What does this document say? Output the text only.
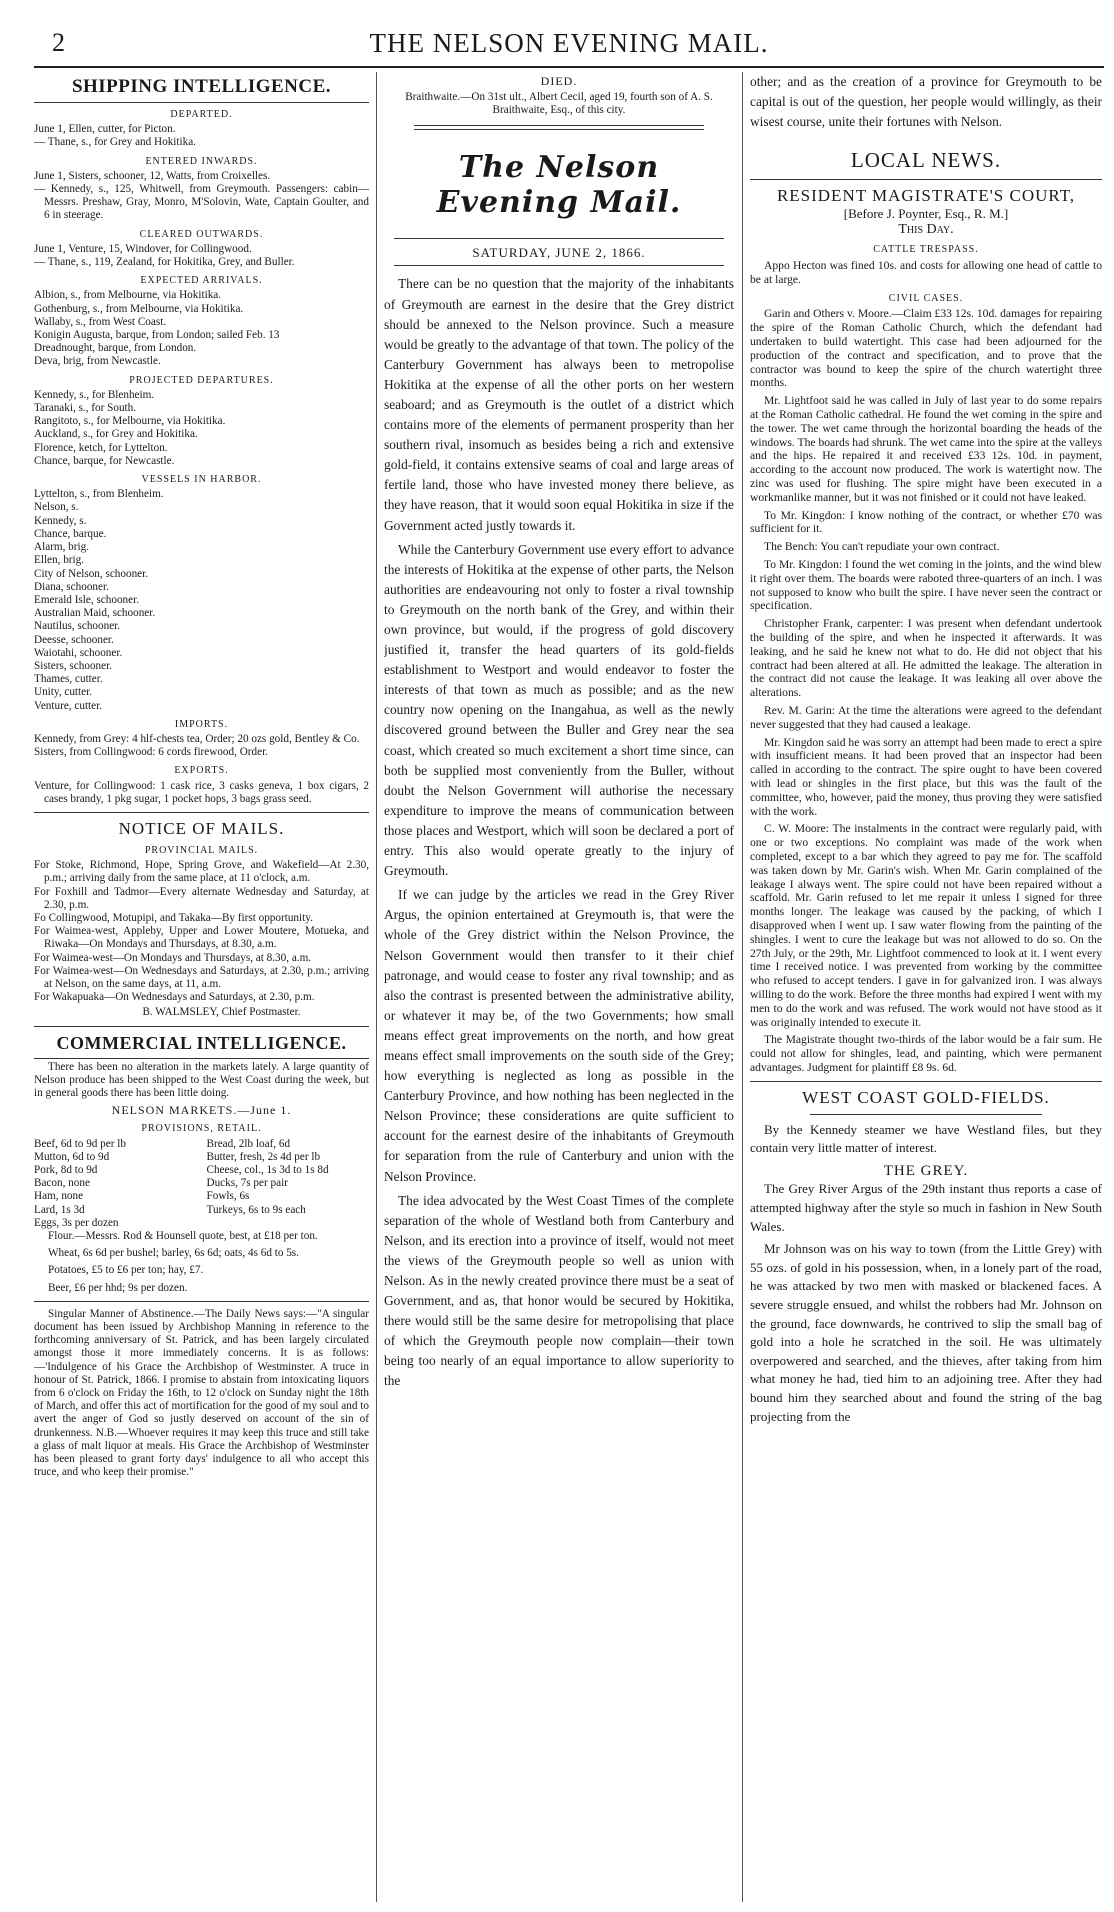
2	THE NELSON EVENING MAIL.
SHIPPING INTELLIGENCE.
DEPARTED.

June 1, Ellen, cutter, for Picton.

— Thane, s., for Grey and Hokitika.

ENTERED INWARDS.

June 1, Sisters, schooner, 12, Watts, from Croixelles.

— Kennedy, s., 125, Whitwell, from Greymouth. Passengers: cabin—Messrs. Preshaw, Gray, Monro, M'Solovin, Wate, Captain Goulter, and 6 in steerage.

CLEARED OUTWARDS.

June 1, Venture, 15, Windover, for Collingwood.

— Thane, s., 119, Zealand, for Hokitika, Grey, and Buller.

EXPECTED ARRIVALS.

Albion, s., from Melbourne, via Hokitika.

Gothenburg, s., from Melbourne, via Hokitika.

Wallaby, s., from West Coast.

Konigin Augusta, barque, from London; sailed Feb. 13

Dreadnought, barque, from London.

Deva, brig, from Newcastle.

PROJECTED DEPARTURES.

Kennedy, s., for Blenheim.

Taranaki, s., for South.

Rangitoto, s., for Melbourne, via Hokitika.

Auckland, s., for Grey and Hokitika.

Florence, ketch, for Lyttelton.

Chance, barque, for Newcastle.

VESSELS IN HARBOR.

Lyttelton, s., from Blenheim.

Nelson, s.

Kennedy, s.

Chance, barque.

Alarm, brig.

Ellen, brig.

City of Nelson, schooner.

Diana, schooner.

Emerald Isle, schooner.

Australian Maid, schooner.

Nautilus, schooner.

Deesse, schooner.

Waiotahi, schooner.

Sisters, schooner.

Thames, cutter.

Unity, cutter.

Venture, cutter.

IMPORTS.

Kennedy, from Grey: 4 hlf-chests tea, Order; 20 ozs gold, Bentley & Co.

Sisters, from Collingwood: 6 cords firewood, Order.

EXPORTS.

Venture, for Collingwood: 1 cask rice, 3 casks geneva, 1 box cigars, 2 cases brandy, 1 pkg sugar, 1 pocket hops, 3 bags grass seed.

NOTICE OF MAILS.
PROVINCIAL MAILS.

For Stoke, Richmond, Hope, Spring Grove, and Wakefield—At 2.30, p.m.; arriving daily from the same place, at 11 o'clock, a.m.

For Foxhill and Tadmor—Every alternate Wednesday and Saturday, at 2.30, p.m.

Fo Collingwood, Motupipi, and Takaka—By first opportunity.

For Waimea-west, Appleby, Upper and Lower Moutere, Motueka, and Riwaka—On Mondays and Thursdays, at 8.30, a.m.

For Waimea-west—On Mondays and Thursdays, at 8.30, a.m.

For Waimea-west—On Wednesdays and Saturdays, at 2.30, p.m.; arriving at Nelson, on the same days, at 11, a.m.

For Wakapuaka—On Wednesdays and Saturdays, at 2.30, p.m.

B. WALMSLEY, Chief Postmaster.

COMMERCIAL INTELLIGENCE.

There has been no alteration in the markets lately. A large quantity of Nelson produce has been shipped to the West Coast during the week, but in general goods there has been little doing.

NELSON MARKETS.—June 1.
PROVISIONS, RETAIL.

Beef, 6d to 9d per lb

Mutton, 6d to 9d

Pork, 8d to 9d

Bacon, none

Ham, none

Lard, 1s 3d

Eggs, 3s per dozen

Bread, 2lb loaf, 6d

Butter, fresh, 2s 4d per lb

Cheese, col., 1s 3d to 1s 8d

Ducks, 7s per pair

Fowls, 6s

Turkeys, 6s to 9s each

Flour.—Messrs. Rod & Hounsell quote, best, at £18 per ton.

Wheat, 6s 6d per bushel; barley, 6s 6d; oats, 4s 6d to 5s.

Potatoes, £5 to £6 per ton; hay, £7.

Beer, £6 per hhd; 9s per dozen.

Singular Manner of Abstinence.—The Daily News says:—"A singular document has been issued by Archbishop Manning in reference to the forthcoming anniversary of St. Patrick, and has been largely circulated amongst those it more immediately concerns. It is as follows:—'Indulgence of his Grace the Archbishop of Westminster. A truce in honour of St. Patrick, 1866. I promise to abstain from intoxicating liquors from 6 o'clock on Friday the 16th, to 12 o'clock on Sunday night the 18th of March, and offer this act of mortification for the good of my soul and to avert the anger of God so justly deserved on account of the sin of drunkenness. N.B.—Whoever requires it may keep this truce and still take a glass of malt liquor at meals. His Grace the Archbishop of Westminster has been pleased to grant forty days' indulgence to all who accept this truce, and who keep their promise."

DIED.

Braithwaite.—On 31st ult., Albert Cecil, aged 19, fourth son of A. S. Braithwaite, Esq., of this city.

The Nelson Evening Mail.
SATURDAY, JUNE 2, 1866.

There can be no question that the majority of the inhabitants of Greymouth are earnest in the desire that the Grey district should be annexed to the Nelson province. Such a measure would be greatly to the advantage of that town. The policy of the Canterbury Government has always been to metropolise Hokitika at the expense of all the other ports on her western seaboard; and as Greymouth is the outlet of a district which contains more of the elements of permanent prosperity than her southern rival, insomuch as besides being a rich and extensive gold-field, it contains extensive seams of coal and large areas of fertile land, those who have invested money there believe, as they have reason, that it would soon equal Hokitika in size if the Government acted justly towards it.

While the Canterbury Government use every effort to advance the interests of Hokitika at the expense of other parts, the Nelson authorities are endeavouring not only to foster a rival township to Greymouth on the north bank of the Grey, and within their own province, but would, if the progress of gold discovery justified it, transfer the head quarters of its gold-fields establishment to Westport and would endeavor to foster the interests of that town as much as possible; and as the new country now opening on the Inangahua, as well as the newly discovered ground between the Buller and Grey near the sea coast, which created so much excitement a short time since, can both be supplied most conveniently from the Buller, without doubt the Nelson Government will authorise the necessary expenditure to improve the means of communication between those places and Westport, which will soon be declared a port of entry. This also would operate greatly to the injury of Greymouth.

If we can judge by the articles we read in the Grey River Argus, the opinion entertained at Greymouth is, that were the whole of the Grey district within the Nelson Province, the Nelson Government would then transfer to it their chief patronage, and would cease to foster any rival township; and as also the contrast is presented between the administrative ability, or whatever it may be, of the two Governments; how small means effect great improvements on the north, and how great means effect small improvements on the south side of the Grey; how everything is neglected as long as possible in the Canterbury Province, and how nothing has been neglected in the Nelson Province; these considerations are quite sufficient to account for the earnest desire of the inhabitants of Greymouth for separation from the rule of Canterbury and union with the Nelson Province.

The idea advocated by the West Coast Times of the complete separation of the whole of Westland both from Canterbury and Nelson, and its erection into a province of itself, would not meet the views of the Greymouth people so well as union with Nelson. As in the newly created province there must be a seat of Government, and as, that honor would be secured by Hokitika, there would still be the same desire for metropolising that place of which the Greymouth people now complain—their town being too nearly of an equal importance to allow superiority to the

other; and as the creation of a province for Greymouth to be capital is out of the question, her people would willingly, as their wisest course, unite their fortunes with Nelson.

LOCAL NEWS.
RESIDENT MAGISTRATE'S COURT,
[Before J. Poynter, Esq., R. M.]
This Day.
CATTLE TRESPASS.

Appo Hecton was fined 10s. and costs for allowing one head of cattle to be at large.

CIVIL CASES.

Garin and Others v. Moore.—Claim £33 12s. 10d. damages for repairing the spire of the Roman Catholic Church, which the defendant had undertaken to build watertight. This case had been adjourned for the production of the contract and specification, and to prove that the contractor was bound to keep the spire of the church watertight three months.

Mr. Lightfoot said he was called in July of last year to do some repairs at the Roman Catholic cathedral. He found the wet coming in the spire and the tower. The wet came through the horizontal boarding the heads of the windows. The boards had shrunk. The wet came into the spire at the valleys and the hips. He repaired it and received £33 12s. 10d. in payment, according to the account now produced. The work is watertight now. The zinc was used for flushing. The spire might have been executed in a workmanlike manner, but it was not finished or it could not have leaked.

To Mr. Kingdon: I know nothing of the contract, or whether £70 was sufficient for it.

The Bench: You can't repudiate your own contract.

To Mr. Kingdon: I found the wet coming in the joints, and the wind blew it right over them. The boards were raboted three-quarters of an inch. I was not supposed to know who built the spire. I have never seen the contract or specification.

Christopher Frank, carpenter: I was present when defendant undertook the building of the spire, and when he inspected it afterwards. It was leaking, and he said he knew not what to do. He did not object that his contract had been altered at all. He admitted the leakage. The alteration in the contract did not cause the leakage. It was leaking all over above the alterations.

Rev. M. Garin: At the time the alterations were agreed to the defendant never suggested that they had caused a leakage.

Mr. Kingdon said he was sorry an attempt had been made to erect a spire with insufficient means. It had been proved that an inspector had been called in according to the contract. The spire ought to have been covered with lead or shingles in the first place, but this was the fault of the committee, who, however, paid the money, thus proving they were satisfied with the work.

C. W. Moore: The instalments in the contract were regularly paid, with one or two exceptions. No complaint was made of the work when completed, except to a bar which they agreed to pay me for. The scaffold was taken down by Mr. Garin's wish. When Mr. Garin complained of the leakage I always went. The spire could not have been repaired without a scaffold. Mr. Garin refused to let me repair it unless I signed for three months longer. The leakage was caused by the packing, of which I disapproved when I went up. I saw water flowing from the painting of the shingles. I went to cure the leakage but was not allowed to do so. On the 27th July, or the 29th, Mr. Lightfoot commenced to look at it. I went every time I received notice. I was prevented from working by the committee who refused to accept tenders. I gave in for galvanized iron. I was always willing to do the work. Before the three months had expired I went with my men to do the work and was refused. The work would not have stood as it was originally intended to execute it.

The Magistrate thought two-thirds of the labor would be a fair sum. He could not allow for shingles, lead, and painting, which were permanent advantages. Judgment for plaintiff £8 9s. 6d.

WEST COAST GOLD-FIELDS.

By the Kennedy steamer we have Westland files, but they contain very little matter of interest.

THE GREY.

The Grey River Argus of the 29th instant thus reports a case of attempted highway after the style so much in fashion in New South Wales.

Mr Johnson was on his way to town (from the Little Grey) with 55 ozs. of gold in his possession, when, in a lonely part of the road, he was attacked by two men with masked or blackened faces. A severe struggle ensued, and whilst the robbers had Mr. Johnson on the ground, face downwards, he contrived to slip the small bag of gold into a hole he scratched in the soil. He was ultimately overpowered and searched, and the thieves, after taking from him what money he had, tied him to an adjoining tree. After they had bound him they searched about and found the string of the bag projecting from the
